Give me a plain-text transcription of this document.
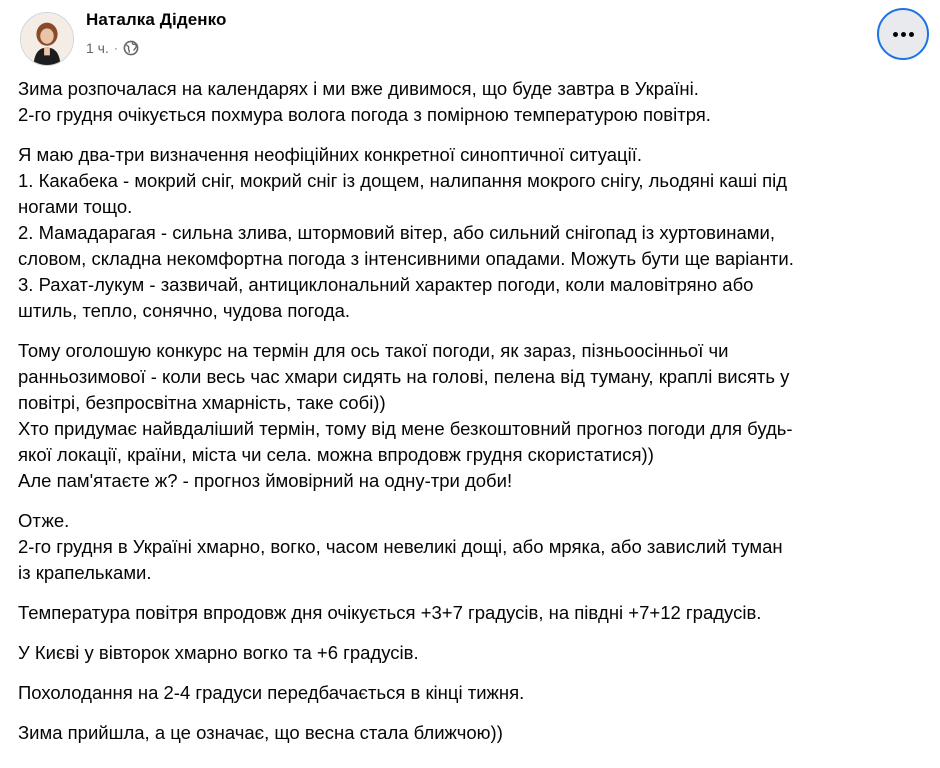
Наталка Діденко
1 ч. ·

Зима розпочалася на календарях і ми вже дивимося, що буде завтра в Україні.
2-го грудня очікується похмура волога погода з помірною температурою повітря.

Я маю два-три визначення неофіційних конкретної синоптичної ситуації.
1. Какабека - мокрий сніг, мокрий сніг із дощем, налипання мокрого снігу, льодяні каші під
ногами тощо.
2. Мамадарагая - сильна злива, штормовий вітер, або сильний снігопад із хуртовинами,
словом, складна некомфортна погода з інтенсивними опадами. Можуть бути ще варіанти.
3. Рахат-лукум - зазвичай, антициклональний характер погоди, коли маловітряно або
штиль, тепло, сонячно, чудова погода.

Тому оголошую конкурс на термін для ось такої погоди, як зараз, пізньоосінньої чи
ранньозимової - коли весь час хмари сидять на голові, пелена від туману, краплі висять у
повітрі, безпросвітна хмарність, таке собі))
Хто придумає найвдаліший термін, тому від мене безкоштовний прогноз погоди для будь-
якої локації, країни, міста чи села. можна впродовж грудня скористатися))
Але пам'ятаєте ж? - прогноз ймовірний на одну-три доби!

Отже.
2-го грудня в Україні хмарно, вогко, часом невеликі дощі, або мряка, або завислий туман
із крапельками.

Температура повітря впродовж дня очікується +3+7 градусів, на півдні +7+12 градусів.

У Києві у вівторок хмарно вогко та +6 градусів.

Похолодання на 2-4 градуси передбачається в кінці тижня.

Зима прийшла, а це означає, що весна стала ближчою))
